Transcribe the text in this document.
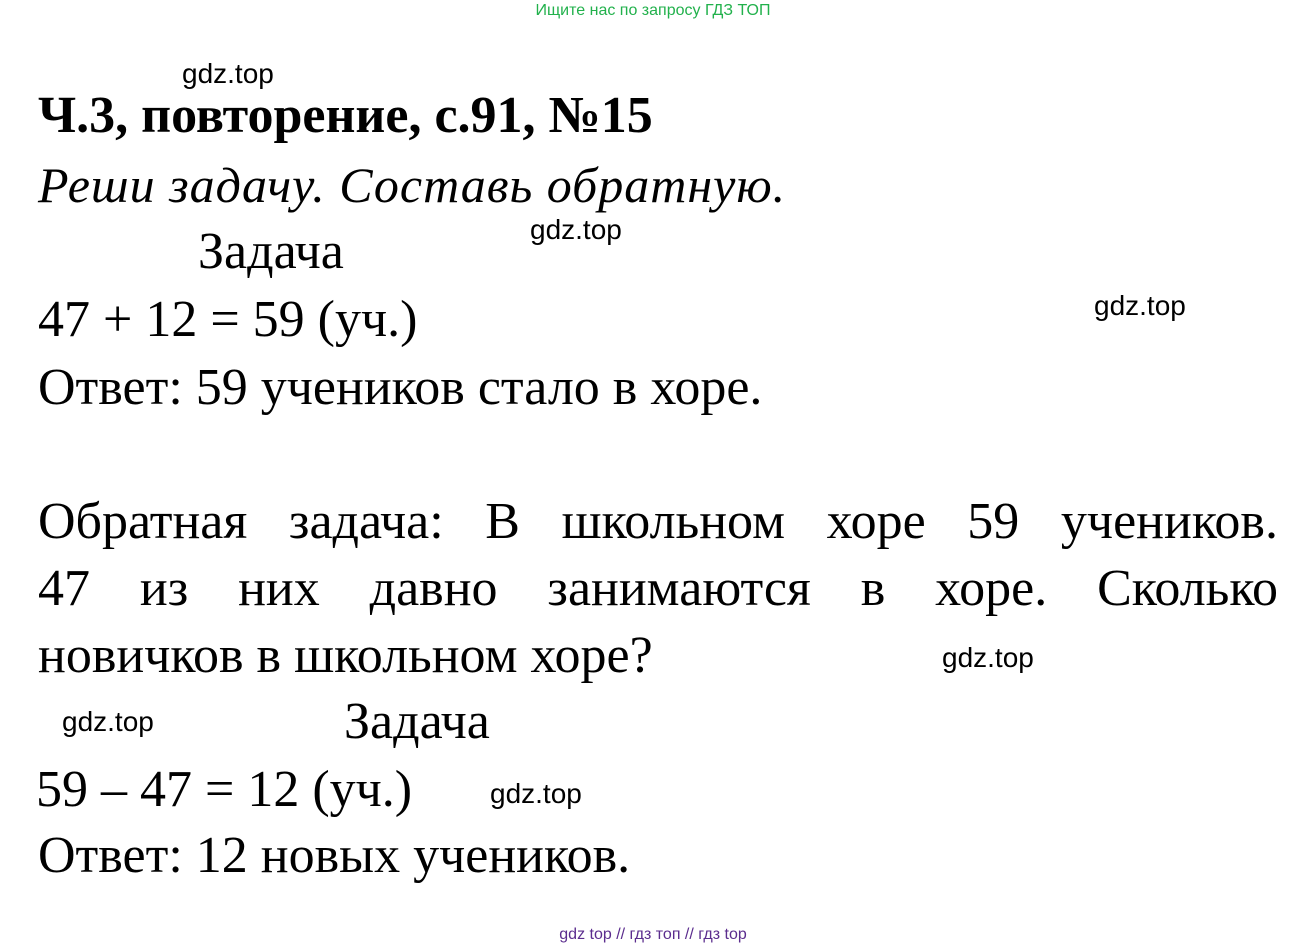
Ищите нас по запросу ГДЗ ТОП
gdz.top
Ч.3, повторение, с.91, №15
Реши задачу. Составь обратную.
gdz.top
Задача
gdz.top
47 + 12 = 59 (уч.)
Ответ: 59 учеников стало в хоре.
Обратная задача: В школьном хоре 59 учеников.
47 из них давно занимаются в хоре. Сколько
новичков в школьном хоре?	gdz.top
gdz.top	Задача
59 – 47 = 12 (уч.)	gdz.top
Ответ: 12 новых учеников.
gdz top // гдз топ // гдз top
